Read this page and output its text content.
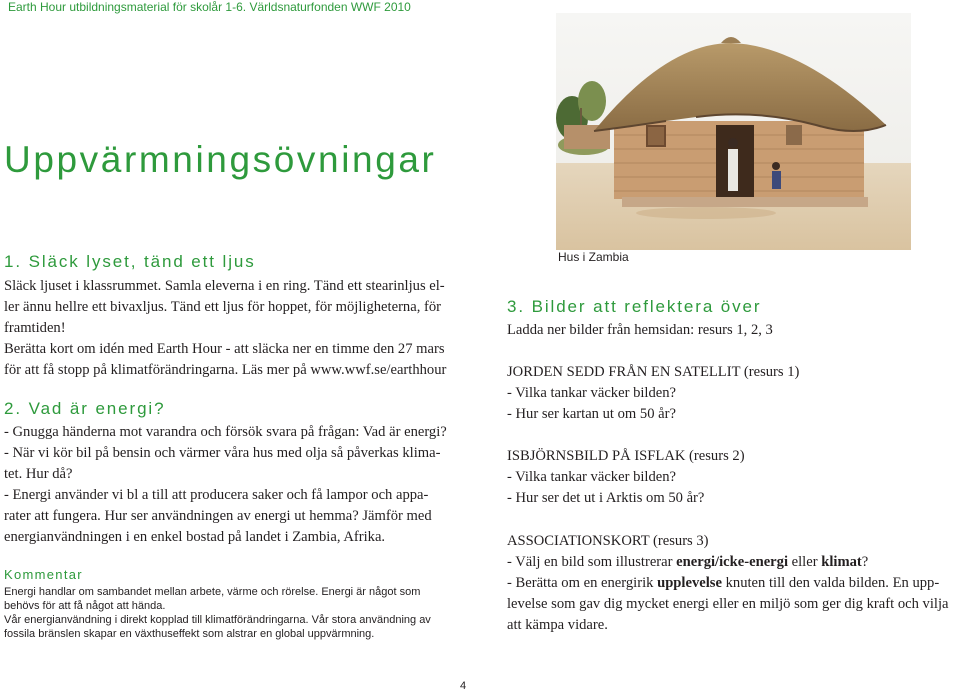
Earth Hour utbildningsmaterial för skolår 1-6. Världsnaturfonden WWF 2010
Uppvärmningsövningar
1. Släck lyset, tänd ett ljus
Släck ljuset i klassrummet. Samla eleverna i en ring. Tänd ett stearinljus el-
ler ännu hellre ett bivaxljus. Tänd ett ljus för hoppet, för möjligheterna, för
framtiden!
Berätta kort om idén med Earth Hour - att släcka ner en timme den 27 mars
för att få stopp på klimatförändringarna. Läs mer på www.wwf.se/earthhour
2. Vad är energi?
- Gnugga händerna mot varandra och försök svara på frågan: Vad är energi?
- När vi kör bil på bensin och värmer våra hus med olja så påverkas klima-
tet. Hur då?
- Energi använder vi bl a till att producera saker och få lampor och appa-
rater att fungera. Hur ser användningen av energi ut hemma? Jämför med
energianvändningen i en enkel bostad på landet i Zambia, Afrika.
Kommentar
Energi handlar om sambandet mellan arbete, värme och rörelse. Energi är något som
behövs för att få något att hända.
Vår energianvändning i direkt kopplad till klimatförändringarna. Vår stora användning av
fossila bränslen skapar en växthuseffekt som alstrar en global uppvärmning.
Hus i Zambia
3. Bilder att reflektera över
Ladda ner bilder från hemsidan: resurs 1, 2, 3
JORDEN SEDD FRÅN EN SATELLIT (resurs 1)
- Vilka tankar väcker bilden?
- Hur ser kartan ut om 50 år?
ISBJÖRNSBILD PÅ ISFLAK (resurs 2)
- Vilka tankar väcker bilden?
- Hur ser det ut i Arktis om 50 år?
ASSOCIATIONSKORT (resurs 3)
- Välj en bild som illustrerar energi/icke-energi eller klimat?
- Berätta om en energirik upplevelse knuten till den valda bilden. En upp-
levelse som gav dig mycket energi eller en miljö som ger dig kraft och vilja
att kämpa vidare.
4
